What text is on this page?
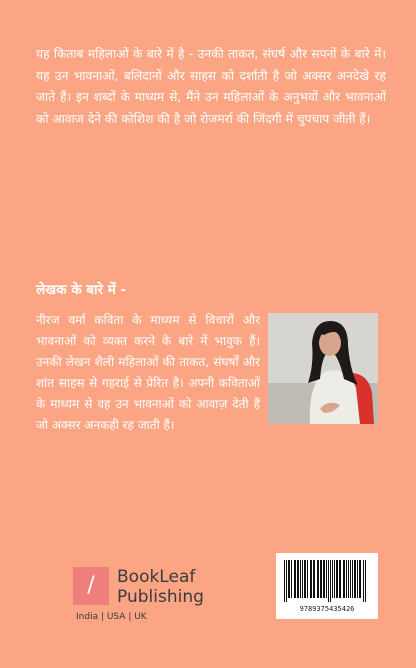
यह किताब महिलाओं के बारे में है - उनकी ताकत, संघर्ष और सपनों के बारे में। यह उन भावनाओं, बलिदानों और साहस को दर्शाती है जो अक्सर अनदेखे रह जाते हैं। इन शब्दों के माध्यम से, मैंने उन महिलाओं के अनुभवों और भावनाओं को आवाज देने की कोशिश की है जो रोजमर्रा की जिंदगी में चुपचाप जीती हैं।
लेखक के बारे में -
नीरज वर्मा कविता के माध्यम से विचारों और भावनाओं को व्यक्त करने के बारे में भावुक हैं। उनकी लेखन शैली महिलाओं की ताकत, संघर्षों और शांत साहस से गहराई से प्रेरित है। अपनी कविताओं के माध्यम से वह उन भावनाओं को आवाज़ देती हैं जो अक्सर अनकही रह जाती हैं।
/	BookLeaf
Publishing
India | USA | UK
9789375435426
